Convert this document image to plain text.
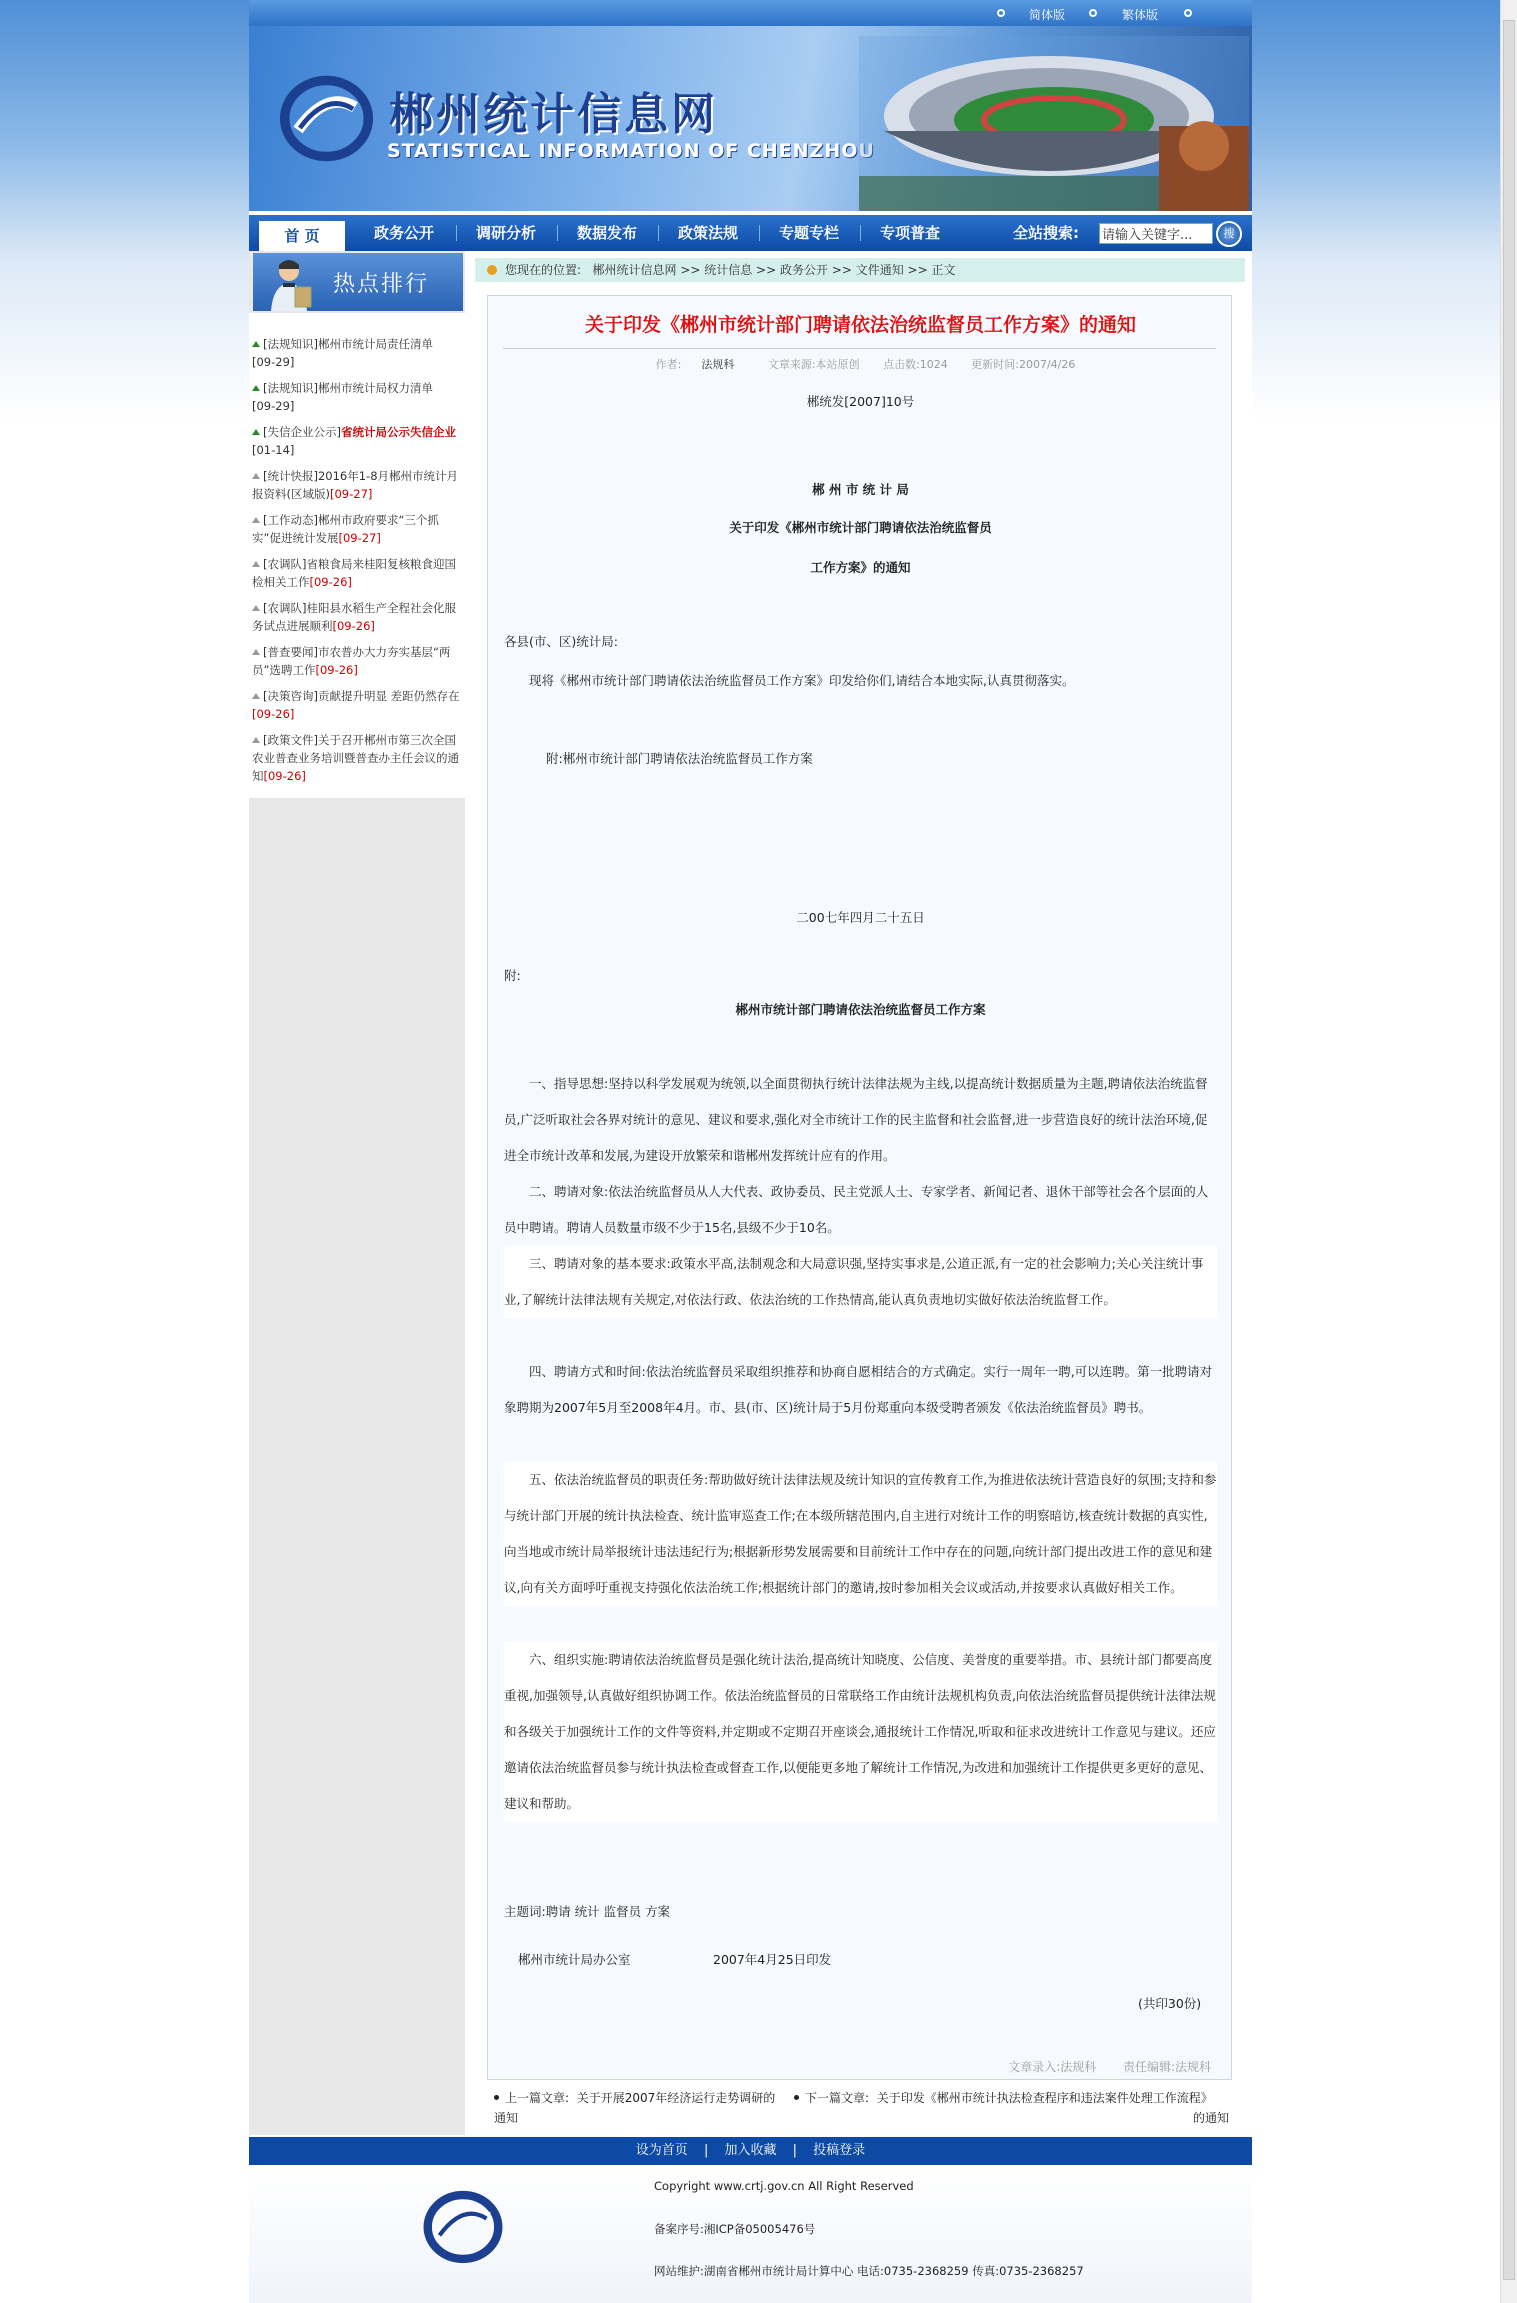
简体版	繁体版
郴州统计信息网
STATISTICAL INFORMATION OF CHENZHOU
首 页	政务公开	调研分析	数据发布	政策法规	专题专栏	专项普查	全站搜索:
请输入关键字...	搜
热点排行
[法规知识]郴州市统计局责任清单
[09-29]
[法规知识]郴州市统计局权力清单
[09-29]
[失信企业公示]省统计局公示失信企业[01-14]
[统计快报]2016年1-8月郴州市统计月报资料(区域版)[09-27]
[工作动态]郴州市政府要求“三个抓实”促进统计发展[09-27]
[农调队]省粮食局来桂阳复核粮食迎国检相关工作[09-26]
[农调队]桂阳县水稻生产全程社会化服务试点进展顺利[09-26]
[普查要闻]市农普办大力夯实基层“两员”选聘工作[09-26]
[决策咨询]贡献提升明显 差距仍然存在[09-26]
[政策文件]关于召开郴州市第三次全国农业普查业务培训暨普查办主任会议的通知[09-26]
您现在的位置: 郴州统计信息网 >> 统计信息 >> 政务公开 >> 文件通知 >> 正文
关于印发《郴州市统计部门聘请依法治统监督员工作方案》的通知
作者: 法规科	文章来源:本站原创 点击数:1024 更新时间:2007/4/26
郴统发[2007]10号
郴 州 市 统 计 局
关于印发《郴州市统计部门聘请依法治统监督员
工作方案》的通知
各县(市、区)统计局:
现将《郴州市统计部门聘请依法治统监督员工作方案》印发给你们,请结合本地实际,认真贯彻落实。
附:郴州市统计部门聘请依法治统监督员工作方案
二00七年四月二十五日
附:
郴州市统计部门聘请依法治统监督员工作方案
一、指导思想:坚持以科学发展观为统领,以全面贯彻执行统计法律法规为主线,以提高统计数据质量为主题,聘请依法治统监督员,广泛听取社会各界对统计的意见、建议和要求,强化对全市统计工作的民主监督和社会监督,进一步营造良好的统计法治环境,促进全市统计改革和发展,为建设开放繁荣和谐郴州发挥统计应有的作用。
二、聘请对象:依法治统监督员从人大代表、政协委员、民主党派人士、专家学者、新闻记者、退休干部等社会各个层面的人员中聘请。聘请人员数量市级不少于15名,县级不少于10名。
三、聘请对象的基本要求:政策水平高,法制观念和大局意识强,坚持实事求是,公道正派,有一定的社会影响力;关心关注统计事业,了解统计法律法规有关规定,对依法行政、依法治统的工作热情高,能认真负责地切实做好依法治统监督工作。
四、聘请方式和时间:依法治统监督员采取组织推荐和协商自愿相结合的方式确定。实行一周年一聘,可以连聘。第一批聘请对象聘期为2007年5月至2008年4月。市、县(市、区)统计局于5月份郑重向本级受聘者颁发《依法治统监督员》聘书。
五、依法治统监督员的职责任务:帮助做好统计法律法规及统计知识的宣传教育工作,为推进依法统计营造良好的氛围;支持和参与统计部门开展的统计执法检查、统计监审巡查工作;在本级所辖范围内,自主进行对统计工作的明察暗访,核查统计数据的真实性,向当地或市统计局举报统计违法违纪行为;根据新形势发展需要和目前统计工作中存在的问题,向统计部门提出改进工作的意见和建议,向有关方面呼吁重视支持强化依法治统工作;根据统计部门的邀请,按时参加相关会议或活动,并按要求认真做好相关工作。
六、组织实施:聘请依法治统监督员是强化统计法治,提高统计知晓度、公信度、美誉度的重要举措。市、县统计部门都要高度重视,加强领导,认真做好组织协调工作。依法治统监督员的日常联络工作由统计法规机构负责,向依法治统监督员提供统计法律法规和各级关于加强统计工作的文件等资料,并定期或不定期召开座谈会,通报统计工作情况,听取和征求改进统计工作意见与建议。还应邀请依法治统监督员参与统计执法检查或督查工作,以便能更多地了解统计工作情况,为改进和加强统计工作提供更多更好的意见、建议和帮助。
主题词:聘请 统计 监督员 方案
郴州市统计局办公室	2007年4月25日印发
(共印30份)
文章录入:法规科 责任编辑:法规科
上一篇文章: 关于开展2007年经济运行走势调研的
通知
下一篇文章: 关于印发《郴州市统计执法检查程序和违法案件处理工作流程》

的通知
设为首页 | 加入收藏 | 投稿登录
Copyright www.crtj.gov.cn All Right Reserved
备案序号:湘ICP备05005476号
网站维护:湖南省郴州市统计局计算中心 电话:0735-2368259 传真:0735-2368257
